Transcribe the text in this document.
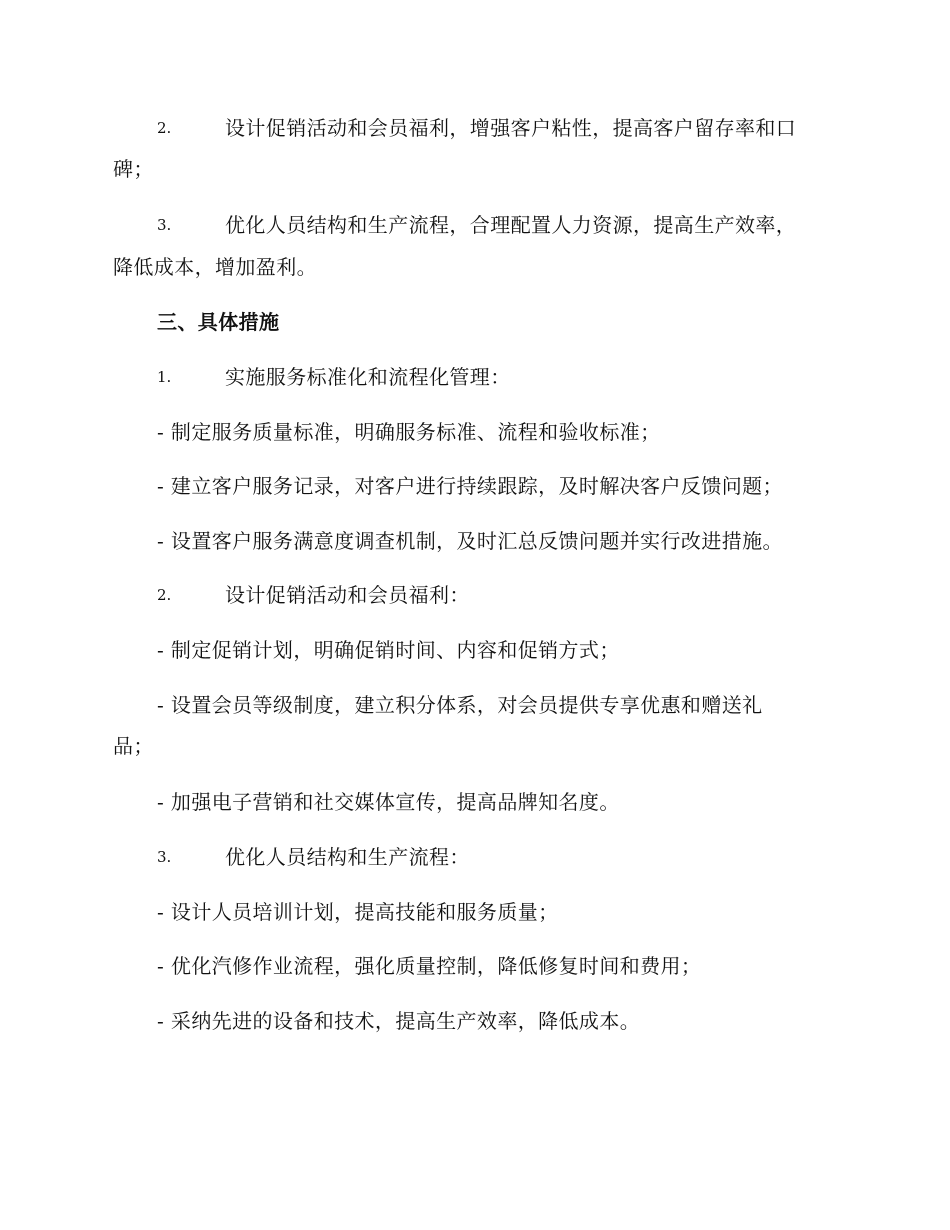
2.	设计促销活动和会员福利，增强客户粘性，提高客户留存率和口
碑；
3.	优化人员结构和生产流程，合理配置人力资源，提高生产效率，
降低成本，增加盈利。
三、具体措施
1.	实施服务标准化和流程化管理：
- 制定服务质量标准，明确服务标准、流程和验收标准；
- 建立客户服务记录，对客户进行持续跟踪，及时解决客户反馈问题；
- 设置客户服务满意度调查机制，及时汇总反馈问题并实行改进措施。
2.	设计促销活动和会员福利：
- 制定促销计划，明确促销时间、内容和促销方式；
- 设置会员等级制度，建立积分体系，对会员提供专享优惠和赠送礼
品；
- 加强电子营销和社交媒体宣传，提高品牌知名度。
3.	优化人员结构和生产流程：
- 设计人员培训计划，提高技能和服务质量；
- 优化汽修作业流程，强化质量控制，降低修复时间和费用；
- 采纳先进的设备和技术，提高生产效率，降低成本。
